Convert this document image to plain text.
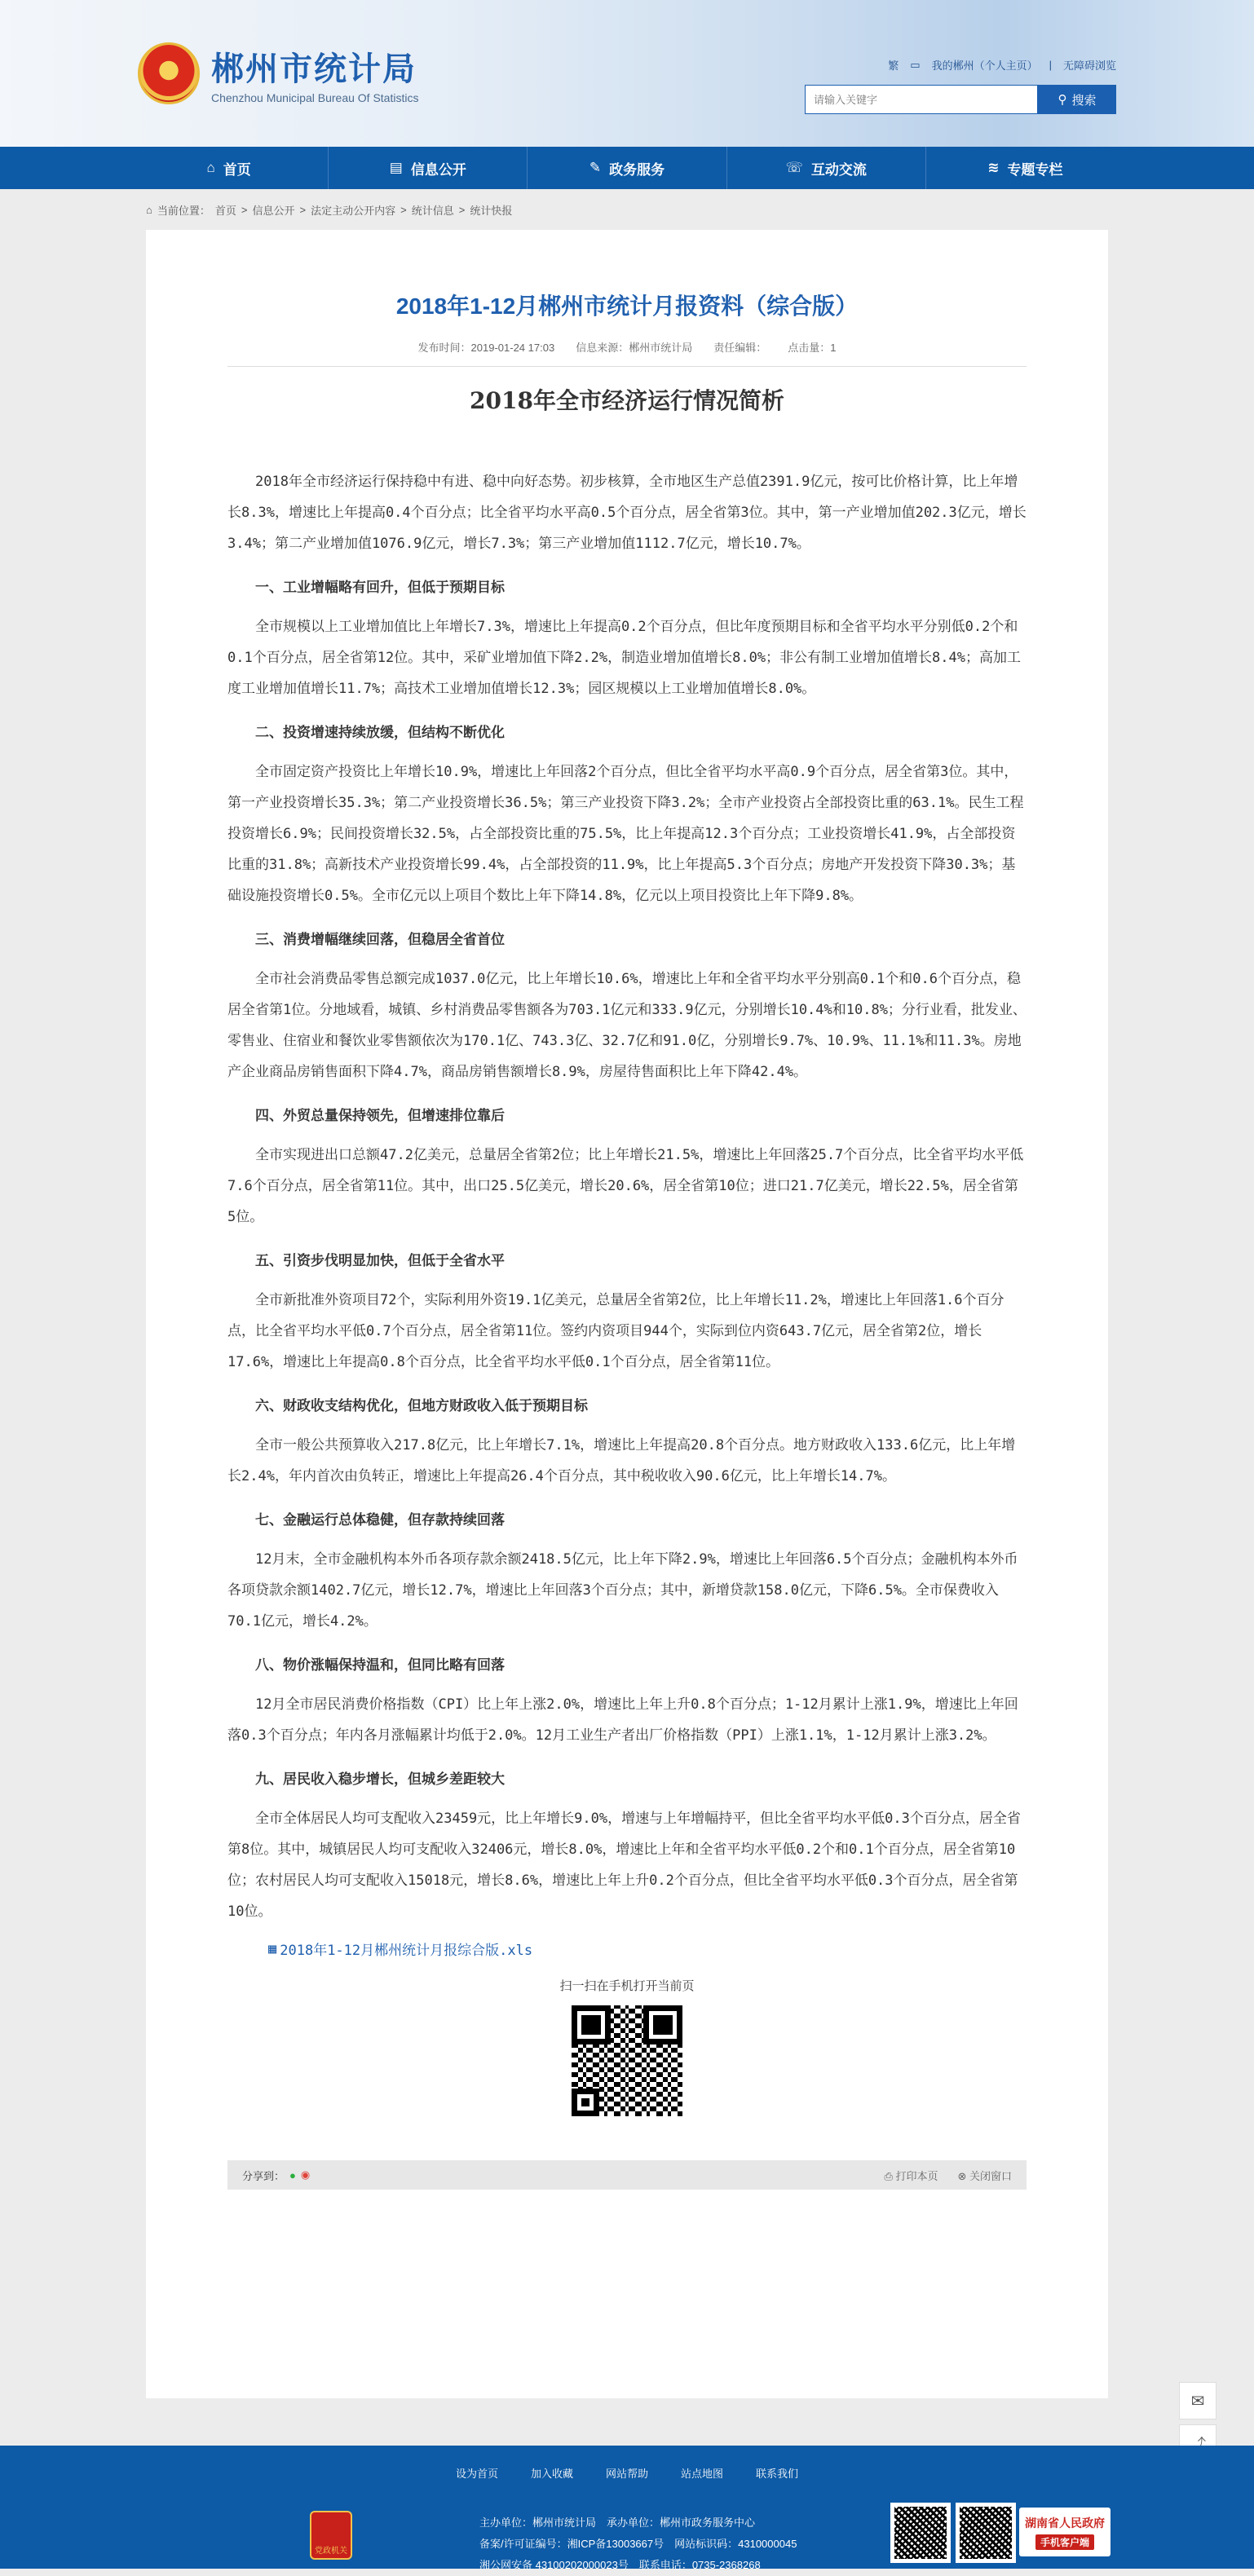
郴州市统计局
Chenzhou Municipal Bureau Of Statistics
繁 ▭ 我的郴州（个人主页） | 无障碍浏览
请输入关键字
⚲ 搜索
⌂ 首页	▤ 信息公开	✎ 政务服务	☏ 互动交流	≋ 专题专栏
⌂ 当前位置： 首页 > 信息公开 > 法定主动公开内容 > 统计信息 > 统计快报
2018年1-12月郴州市统计月报资料（综合版）
发布时间：2019-01-24 17:03 信息来源：郴州市统计局 责任编辑： 点击量：1
2018年全市经济运行情况简析

2018年全市经济运行保持稳中有进、稳中向好态势。初步核算，全市地区生产总值2391.9亿元，按可比价格计算，比上年增长8.3%，增速比上年提高0.4个百分点；比全省平均水平高0.5个百分点，居全省第3位。其中，第一产业增加值202.3亿元，增长3.4%；第二产业增加值1076.9亿元，增长7.3%；第三产业增加值1112.7亿元，增长10.7%。

一、工业增幅略有回升，但低于预期目标

全市规模以上工业增加值比上年增长7.3%，增速比上年提高0.2个百分点，但比年度预期目标和全省平均水平分别低0.2个和0.1个百分点，居全省第12位。其中，采矿业增加值下降2.2%，制造业增加值增长8.0%；非公有制工业增加值增长8.4%；高加工度工业增加值增长11.7%；高技术工业增加值增长12.3%；园区规模以上工业增加值增长8.0%。

二、投资增速持续放缓，但结构不断优化

全市固定资产投资比上年增长10.9%，增速比上年回落2个百分点，但比全省平均水平高0.9个百分点，居全省第3位。其中，第一产业投资增长35.3%；第二产业投资增长36.5%；第三产业投资下降3.2%；全市产业投资占全部投资比重的63.1%。民生工程投资增长6.9%；民间投资增长32.5%，占全部投资比重的75.5%，比上年提高12.3个百分点；工业投资增长41.9%，占全部投资比重的31.8%；高新技术产业投资增长99.4%，占全部投资的11.9%，比上年提高5.3个百分点；房地产开发投资下降30.3%；基础设施投资增长0.5%。全市亿元以上项目个数比上年下降14.8%，亿元以上项目投资比上年下降9.8%。

三、消费增幅继续回落，但稳居全省首位

全市社会消费品零售总额完成1037.0亿元，比上年增长10.6%，增速比上年和全省平均水平分别高0.1个和0.6个百分点，稳居全省第1位。分地域看，城镇、乡村消费品零售额各为703.1亿元和333.9亿元，分别增长10.4%和10.8%；分行业看，批发业、零售业、住宿业和餐饮业零售额依次为170.1亿、743.3亿、32.7亿和91.0亿，分别增长9.7%、10.9%、11.1%和11.3%。房地产企业商品房销售面积下降4.7%，商品房销售额增长8.9%，房屋待售面积比上年下降42.4%。

四、外贸总量保持领先，但增速排位靠后

全市实现进出口总额47.2亿美元，总量居全省第2位；比上年增长21.5%，增速比上年回落25.7个百分点，比全省平均水平低7.6个百分点，居全省第11位。其中，出口25.5亿美元，增长20.6%，居全省第10位；进口21.7亿美元，增长22.5%，居全省第5位。

五、引资步伐明显加快，但低于全省水平

全市新批准外资项目72个，实际利用外资19.1亿美元，总量居全省第2位，比上年增长11.2%，增速比上年回落1.6个百分点，比全省平均水平低0.7个百分点，居全省第11位。签约内资项目944个，实际到位内资643.7亿元，居全省第2位，增长17.6%，增速比上年提高0.8个百分点，比全省平均水平低0.1个百分点，居全省第11位。

六、财政收支结构优化，但地方财政收入低于预期目标

全市一般公共预算收入217.8亿元，比上年增长7.1%，增速比上年提高20.8个百分点。地方财政收入133.6亿元，比上年增长2.4%，年内首次由负转正，增速比上年提高26.4个百分点，其中税收收入90.6亿元，比上年增长14.7%。

七、金融运行总体稳健，但存款持续回落

12月末，全市金融机构本外币各项存款余额2418.5亿元，比上年下降2.9%，增速比上年回落6.5个百分点；金融机构本外币各项贷款余额1402.7亿元，增长12.7%，增速比上年回落3个百分点；其中，新增贷款158.0亿元，下降6.5%。全市保费收入70.1亿元，增长4.2%。

八、物价涨幅保持温和，但同比略有回落

12月全市居民消费价格指数（CPI）比上年上涨2.0%，增速比上年上升0.8个百分点；1-12月累计上涨1.9%，增速比上年回落0.3个百分点；年内各月涨幅累计均低于2.0%。12月工业生产者出厂价格指数（PPI）上涨1.1%，1-12月累计上涨3.2%。

九、居民收入稳步增长，但城乡差距较大

全市全体居民人均可支配收入23459元，比上年增长9.0%，增速与上年增幅持平，但比全省平均水平低0.3个百分点，居全省第8位。其中，城镇居民人均可支配收入32406元，增长8.0%，增速比上年和全省平均水平低0.2个和0.1个百分点，居全省第10位；农村居民人均可支配收入15018元，增长8.6%，增速比上年上升0.2个百分点，但比全省平均水平低0.3个百分点，居全省第10位。

▦ 2018年1-12月郴州统计月报综合版.xls
扫一扫在手机打开当前页
分享到： ● ◉	⎙ 打印本页 ⊗ 关闭窗口
✉
设为首页	加入收藏	网站帮助	站点地图	联系我们
党政机关
主办单位：郴州市统计局　承办单位：郴州市政务服务中心
备案/许可证编号：湘ICP备13003667号　网站标识码：4310000045
湘公网安备 43100202000023号　联系电话：0735-2368268
湖南省人民政府
手机客户端
